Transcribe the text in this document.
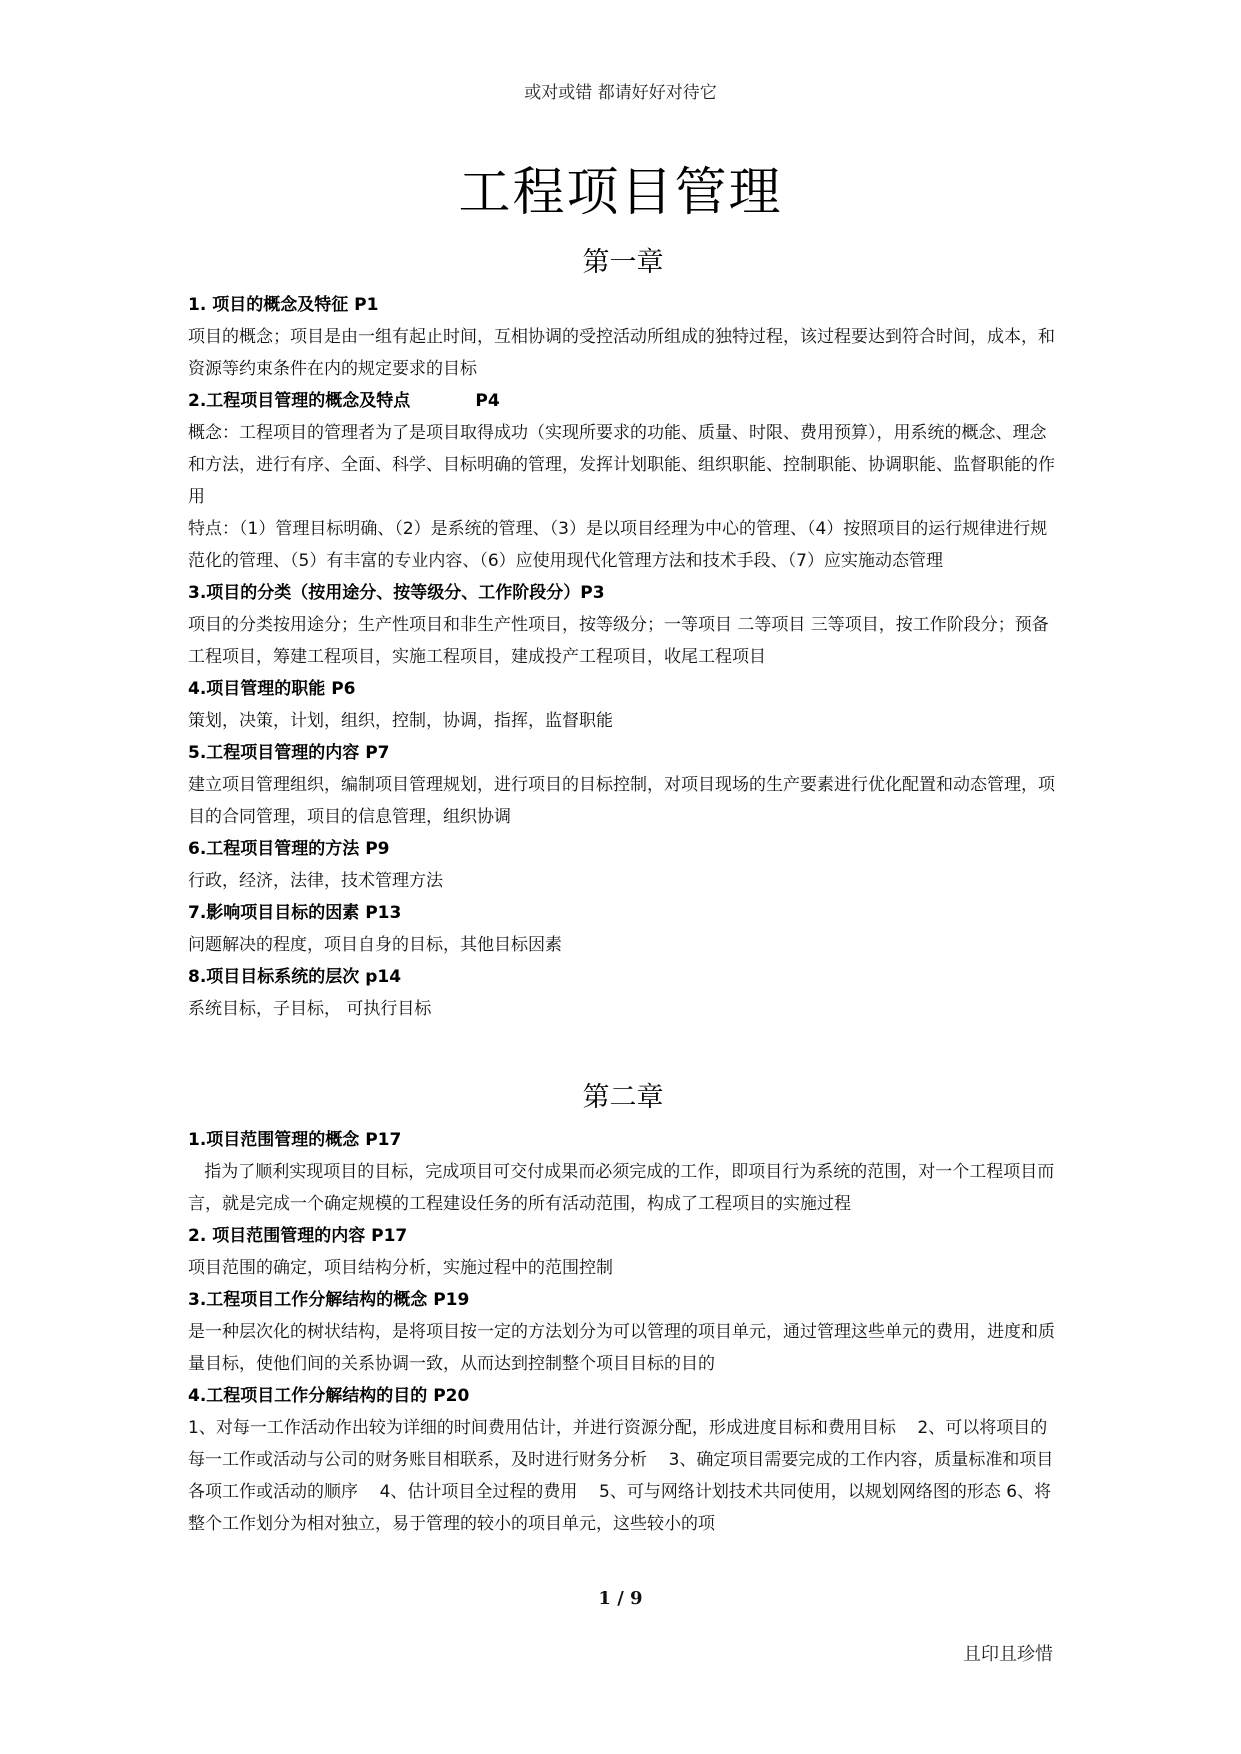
或对或错 都请好好对待它
工程项目管理
第一章
1. 项目的概念及特征 P1
项目的概念；项目是由一组有起止时间，互相协调的受控活动所组成的独特过程，该过程要达到符合时间，成本，和资源等约束条件在内的规定要求的目标
2.工程项目管理的概念及特点           P4
概念：工程项目的管理者为了是项目取得成功（实现所要求的功能、质量、时限、费用预算），用系统的概念、理念和方法，进行有序、全面、科学、目标明确的管理，发挥计划职能、组织职能、控制职能、协调职能、监督职能的作用
特点：（1）管理目标明确、（2）是系统的管理、（3）是以项目经理为中心的管理、（4）按照项目的运行规律进行规范化的管理、（5）有丰富的专业内容、（6）应使用现代化管理方法和技术手段、（7）应实施动态管理
3.项目的分类（按用途分、按等级分、工作阶段分）P3
项目的分类按用途分；生产性项目和非生产性项目，按等级分；一等项目 二等项目 三等项目，按工作阶段分；预备工程项目，筹建工程项目，实施工程项目，建成投产工程项目，收尾工程项目
4.项目管理的职能 P6
策划，决策，计划，组织，控制，协调，指挥，监督职能
5.工程项目管理的内容 P7
建立项目管理组织，编制项目管理规划，进行项目的目标控制，对项目现场的生产要素进行优化配置和动态管理，项目的合同管理，项目的信息管理，组织协调
6.工程项目管理的方法 P9
行政，经济，法律，技术管理方法
7.影响项目目标的因素 P13
问题解决的程度，项目自身的目标，其他目标因素
8.项目目标系统的层次 p14
系统目标，子目标， 可执行目标
第二章
1.项目范围管理的概念 P17
指为了顺利实现项目的目标，完成项目可交付成果而必须完成的工作，即项目行为系统的范围，对一个工程项目而言，就是完成一个确定规模的工程建设任务的所有活动范围，构成了工程项目的实施过程
2. 项目范围管理的内容 P17
项目范围的确定，项目结构分析，实施过程中的范围控制
3.工程项目工作分解结构的概念 P19
是一种层次化的树状结构，是将项目按一定的方法划分为可以管理的项目单元，通过管理这些单元的费用，进度和质量目标，使他们间的关系协调一致，从而达到控制整个项目目标的目的
4.工程项目工作分解结构的目的 P20
1、对每一工作活动作出较为详细的时间费用估计，并进行资源分配，形成进度目标和费用目标    2、可以将项目的每一工作或活动与公司的财务账目相联系，及时进行财务分析    3、确定项目需要完成的工作内容，质量标准和项目各项工作或活动的顺序    4、估计项目全过程的费用    5、可与网络计划技术共同使用，以规划网络图的形态 6、将整个工作划分为相对独立，易于管理的较小的项目单元，这些较小的项
1 / 9
且印且珍惜
